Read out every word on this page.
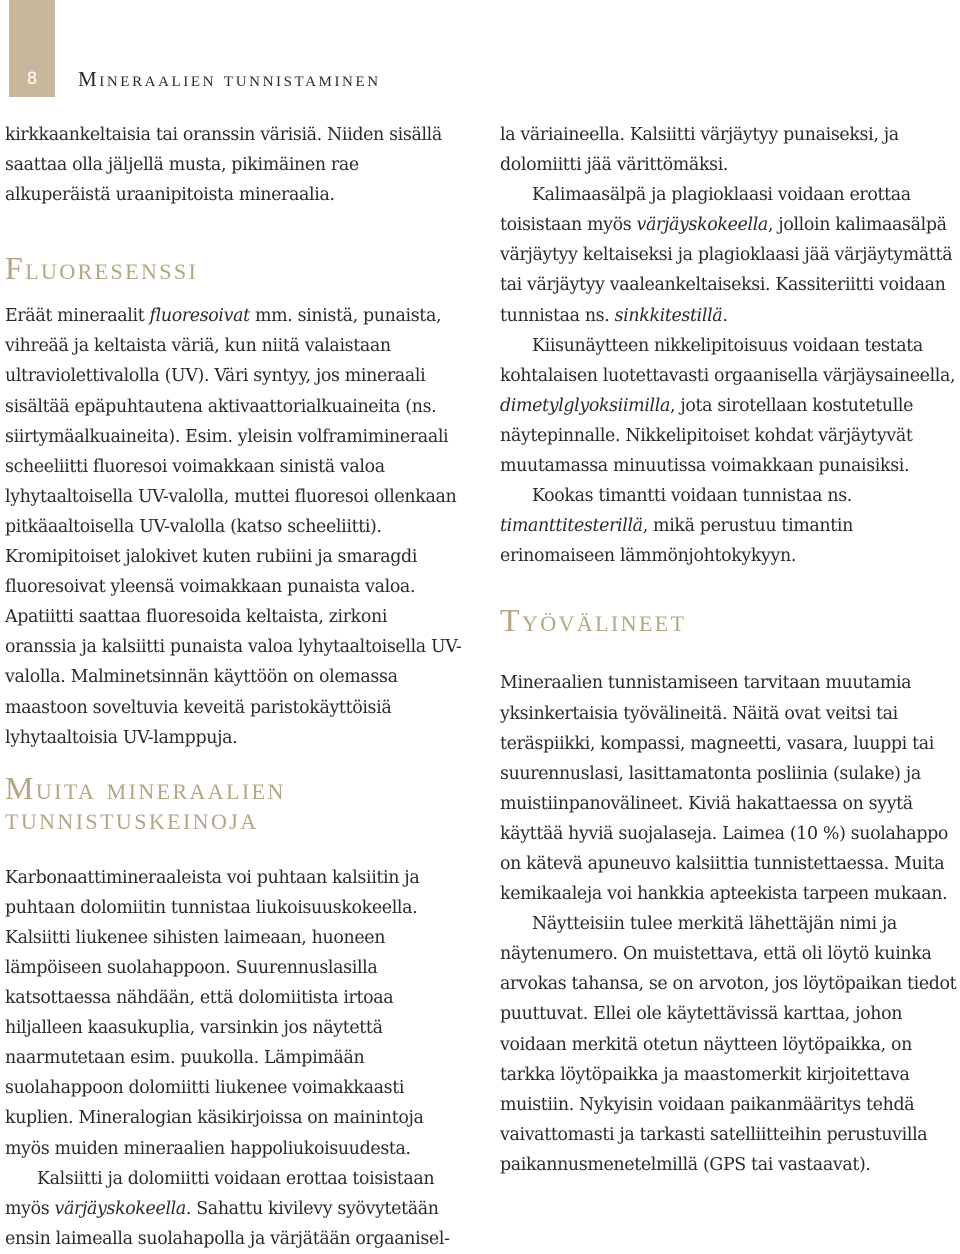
8	Mineraalien tunnistaminen

kirkkaankeltaisia tai oranssin värisiä. Niiden sisällä saattaa olla jäljellä musta, pikimäinen rae alkuperäistä uraanipitoista mineraalia.

Fluoresenssi

Eräät mineraalit fluoresoivat mm. sinistä, punaista, vihreää ja keltaista väriä, kun niitä valaistaan ultraviolettivalolla (UV). Väri syntyy, jos mineraali sisältää epäpuhtautena aktivaattorialkuaineita (ns. siirtymäalkuaineita). Esim. yleisin volframimineraali scheeliitti fluoresoi voimakkaan sinistä valoa lyhytaaltoisella UV-valolla, muttei fluoresoi ollenkaan pitkäaaltoisella UV-valolla (katso scheeliitti). Kromipitoiset jalokivet kuten rubiini ja smaragdi fluoresoivat yleensä voimakkaan punaista valoa. Apatiitti saattaa fluoresoida keltaista, zirkoni oranssia ja kalsiitti punaista valoa lyhytaaltoisella UV-valolla. Malminetsinnän käyttöön on olemassa maastoon soveltuvia keveitä paristokäyttöisiä lyhytaaltoisia UV-lamppuja.

Muita mineraalien
tunnistuskeinoja

Karbonaattimineraaleista voi puhtaan kalsiitin ja puhtaan dolomiitin tunnistaa liukoisuuskokeella. Kalsiitti liukenee sihisten laimeaan, huoneen lämpöiseen suolahappoon. Suurennuslasilla katsottaessa nähdään, että dolomiitista irtoaa hiljalleen kaasukuplia, varsinkin jos näytettä naarmutetaan esim. puukolla. Lämpimään suolahappoon dolomiitti liukenee voimakkaasti kuplien. Mineralogian käsikirjoissa on mainintoja myös muiden mineraalien happoliukoisuudesta.

Kalsiitti ja dolomiitti voidaan erottaa toisistaan myös värjäyskokeella. Sahattu kivilevy syövytetään ensin laimealla suolahapolla ja värjätään orgaanisel-

la väriaineella. Kalsiitti värjäytyy punaiseksi, ja dolomiitti jää värittömäksi.

Kalimaasälpä ja plagioklaasi voidaan erottaa toisistaan myös värjäyskokeella, jolloin kalimaasälpä värjäytyy keltaiseksi ja plagioklaasi jää värjäytymättä tai värjäytyy vaaleankeltaiseksi. Kassiteriitti voidaan tunnistaa ns. sinkkitestillä.

Kiisunäytteen nikkelipitoisuus voidaan testata kohtalaisen luotettavasti orgaanisella värjäysaineella, dimetylglyoksiimilla, jota sirotellaan kostutetulle näytepinnalle. Nikkelipitoiset kohdat värjäytyvät muutamassa minuutissa voimakkaan punaisiksi.

Kookas timantti voidaan tunnistaa ns. timanttitesterillä, mikä perustuu timantin erinomaiseen lämmönjohtokykyyn.

Työvälineet

Mineraalien tunnistamiseen tarvitaan muutamia yksinkertaisia työvälineitä. Näitä ovat veitsi tai teräspiikki, kompassi, magneetti, vasara, luuppi tai suurennuslasi, lasittamatonta posliinia (sulake) ja muistiinpanovälineet. Kiviä hakattaessa on syytä käyttää hyviä suojalaseja. Laimea (10 %) suolahappo on kätevä apuneuvo kalsiittia tunnistettaessa. Muita kemikaaleja voi hankkia apteekista tarpeen mukaan.

Näytteisiin tulee merkitä lähettäjän nimi ja näytenumero. On muistettava, että oli löytö kuinka arvokas tahansa, se on arvoton, jos löytöpaikan tiedot puuttuvat. Ellei ole käytettävissä karttaa, johon voidaan merkitä otetun näytteen löytöpaikka, on tarkka löytöpaikka ja maastomerkit kirjoitettava muistiin. Nykyisin voidaan paikanmääritys tehdä vaivattomasti ja tarkasti satelliitteihin perustuvilla paikannusmenetelmillä (GPS tai vastaavat).
